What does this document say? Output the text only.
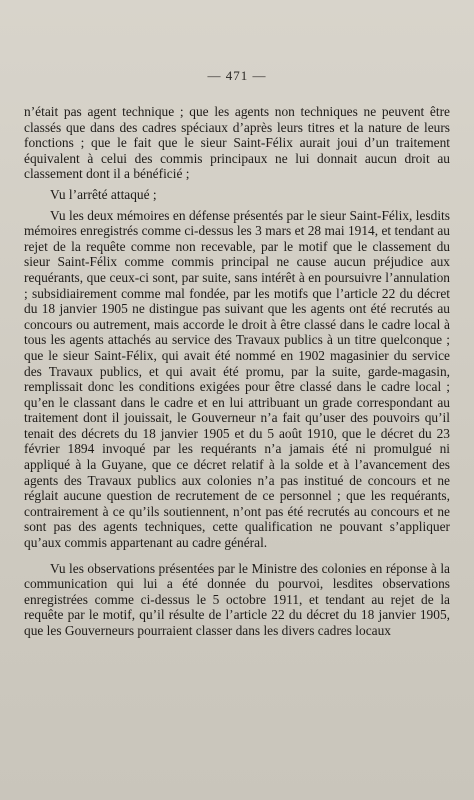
— 471 —

n’était pas agent technique ; que les agents non techniques ne peuvent être classés que dans des cadres spéciaux d’après leurs titres et la nature de leurs fonctions ; que le fait que le sieur Saint-Félix aurait joui d’un traitement équivalent à celui des commis principaux ne lui donnait aucun droit au classement dont il a bénéficié ;

Vu l’arrêté attaqué ;

Vu les deux mémoires en défense présentés par le sieur Saint-Félix, lesdits mémoires enregistrés comme ci-dessus les 3 mars et 28 mai 1914, et tendant au rejet de la requête comme non recevable, par le motif que le classement du sieur Saint-Félix comme commis principal ne cause aucun préjudice aux requérants, que ceux-ci sont, par suite, sans intérêt à en poursuivre l’annulation ; subsidiairement comme mal fondée, par les motifs que l’article 22 du décret du 18 janvier 1905 ne distingue pas suivant que les agents ont été recrutés au concours ou autrement, mais accorde le droit à être classé dans le cadre local à tous les agents attachés au service des Travaux publics à un titre quelconque ; que le sieur Saint-Félix, qui avait été nommé en 1902 magasinier du service des Travaux publics, et qui avait été promu, par la suite, garde-magasin, remplissait donc les conditions exigées pour être classé dans le cadre local ; qu’en le classant dans le cadre et en lui attribuant un grade correspondant au traitement dont il jouissait, le Gouverneur n’a fait qu’user des pouvoirs qu’il tenait des décrets du 18 janvier 1905 et du 5 août 1910, que le décret du 23 février 1894 invoqué par les requérants n’a jamais été ni promulgué ni appliqué à la Guyane, que ce décret relatif à la solde et à l’avancement des agents des Travaux publics aux colonies n’a pas institué de concours et ne réglait aucune question de recrutement de ce personnel ; que les requérants, contrairement à ce qu’ils soutiennent, n’ont pas été recrutés au concours et ne sont pas des agents techniques, cette qualification ne pouvant s’appliquer qu’aux commis appartenant au cadre général.

Vu les observations présentées par le Ministre des colonies en réponse à la communication qui lui a été donnée du pourvoi, lesdites observations enregistrées comme ci-dessus le 5 octobre 1911, et tendant au rejet de la requête par le motif, qu’il résulte de l’article 22 du décret du 18 janvier 1905, que les Gouverneurs pourraient classer dans les divers cadres locaux
